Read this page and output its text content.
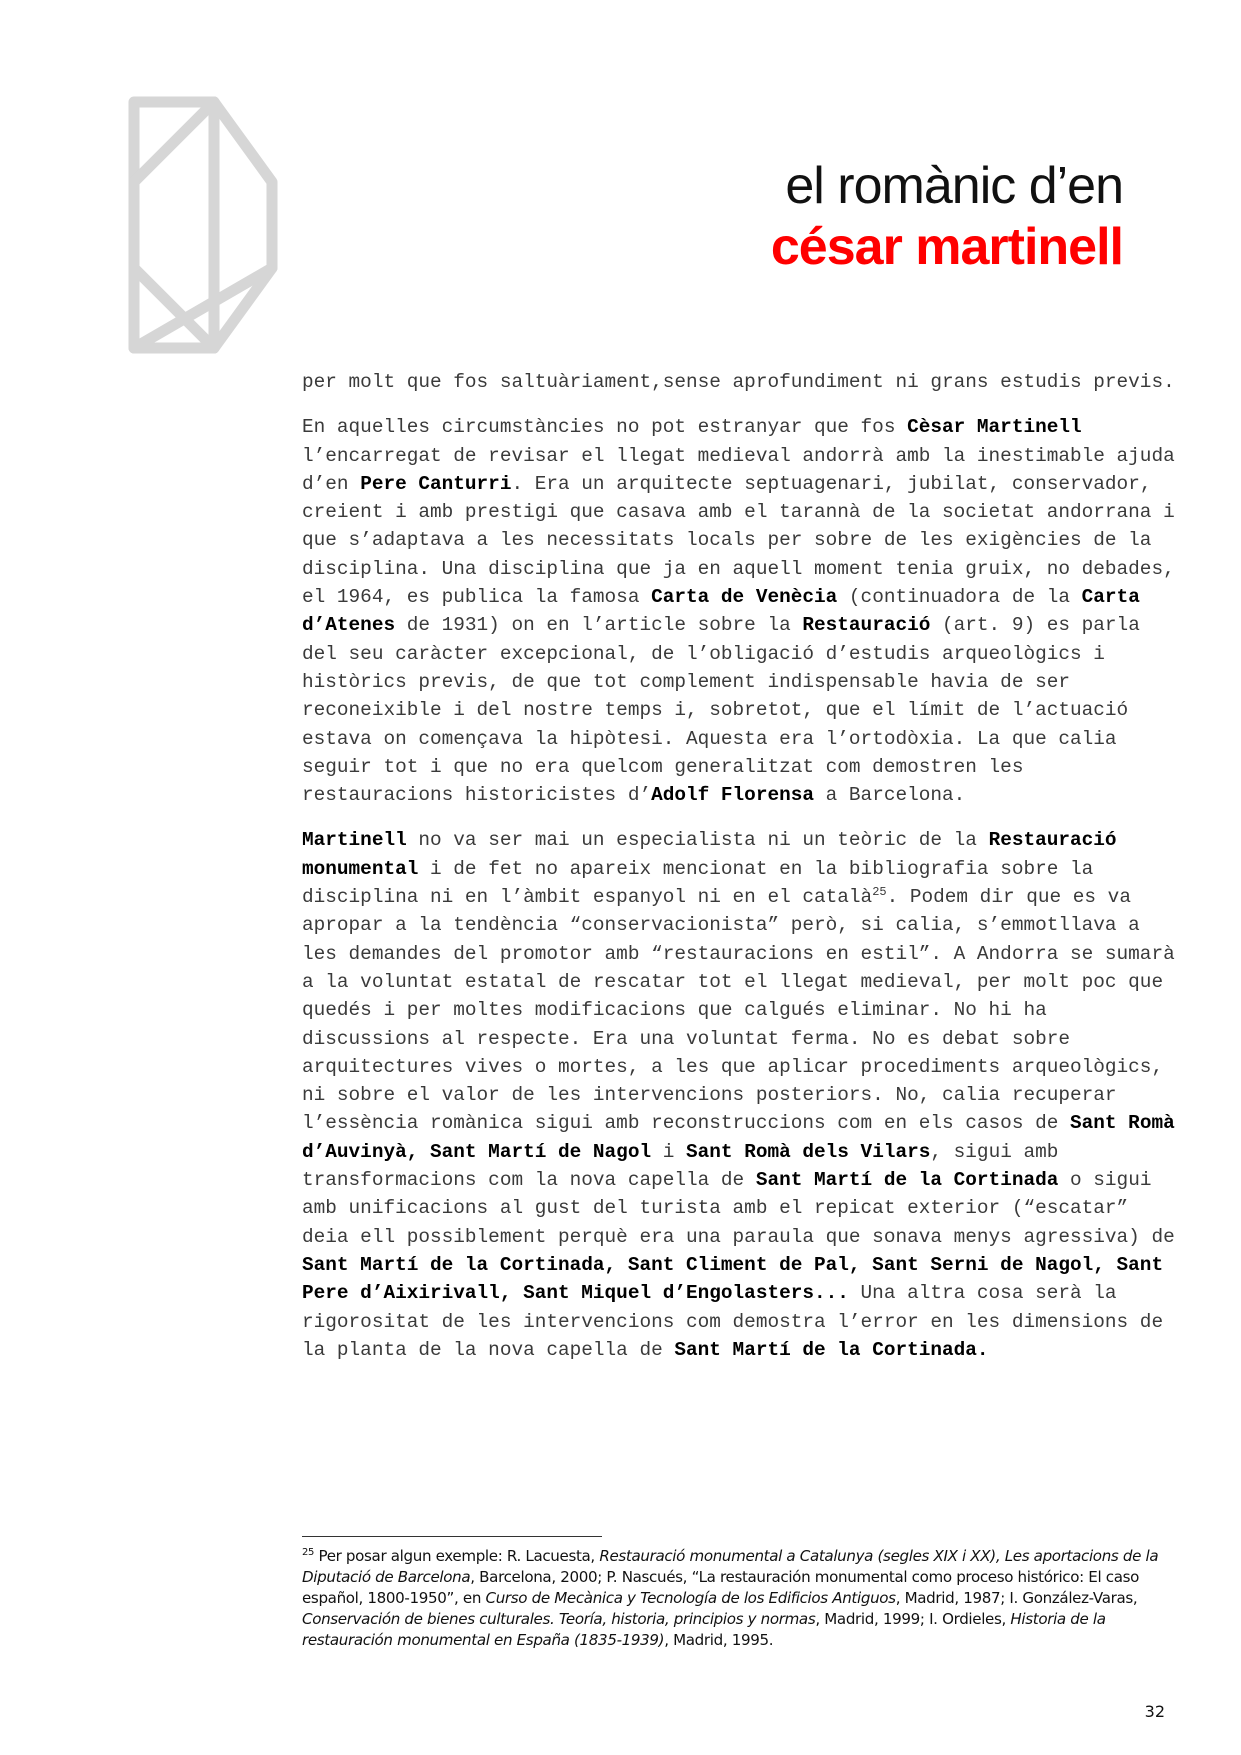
el romànic d’en
césar martinell

per molt que fos saltuàriament,sense aprofundiment ni grans estudis previs.

En aquelles circumstàncies no pot estranyar que fos Cèsar Martinell l’encarregat de revisar el llegat medieval andorrà amb la inestimable ajuda d’en Pere Canturri. Era un arquitecte septuagenari, jubilat, conservador, creient i amb prestigi que casava amb el tarannà de la societat andorrana i que s’adaptava a les necessitats locals per sobre de les exigències de la disciplina. Una disciplina que ja en aquell moment tenia gruix, no debades, el 1964, es publica la famosa Carta de Venècia (continuadora de la Carta d’Atenes de 1931) on en l’article sobre la Restauració (art. 9) es parla del seu caràcter excepcional, de l’obligació d’estudis arqueològics i històrics previs, de que tot complement indispensable havia de ser reconeixible i del nostre temps i, sobretot, que el límit de l’actuació estava on començava la hipòtesi. Aquesta era l’ortodòxia. La que calia seguir tot i que no era quelcom generalitzat com demostren les restauracions historicistes d’Adolf Florensa a Barcelona.

Martinell no va ser mai un especialista ni un teòric de la Restauració monumental i de fet no apareix mencionat en la bibliografia sobre la disciplina ni en l’àmbit espanyol ni en el català$^{25}$. Podem dir que es va apropar a la tendència “conservacionista” però, si calia, s’emmotllava a les demandes del promotor amb “restauracions en estil”. A Andorra se sumarà a la voluntat estatal de rescatar tot el llegat medieval, per molt poc que quedés i per moltes modificacions que calgués eliminar. No hi ha discussions al respecte. Era una voluntat ferma. No es debat sobre arquitectures vives o mortes, a les que aplicar procediments arqueològics, ni sobre el valor de les intervencions posteriors. No, calia recuperar l’essència romànica sigui amb reconstruccions com en els casos de Sant Romà d’Auvinyà, Sant Martí de Nagol i Sant Romà dels Vilars, sigui amb transformacions com la nova capella de Sant Martí de la Cortinada o sigui amb unificacions al gust del turista amb el repicat exterior (“escatar” deia ell possiblement perquè era una paraula que sonava menys agressiva) de Sant Martí de la Cortinada, Sant Climent de Pal, Sant Serni de Nagol, Sant Pere d’Aixirivall, Sant Miquel d’Engolasters... Una altra cosa serà la rigorositat de les intervencions com demostra l’error en les dimensions de la planta de la nova capella de Sant Martí de la Cortinada.

$^{25}$ Per posar algun exemple: R. Lacuesta, Restauració monumental a Catalunya (segles XIX i XX), Les aportacions de la Diputació de Barcelona, Barcelona, 2000; P. Nascués, “La restauración monumental como proceso histórico: El caso español, 1800-1950”, en Curso de Mecànica y Tecnología de los Edificios Antiguos, Madrid, 1987; I. González-Varas, Conservación de bienes culturales. Teoría, historia, principios y normas, Madrid, 1999; I. Ordieles, Historia de la restauración monumental en España (1835-1939), Madrid, 1995.
32
